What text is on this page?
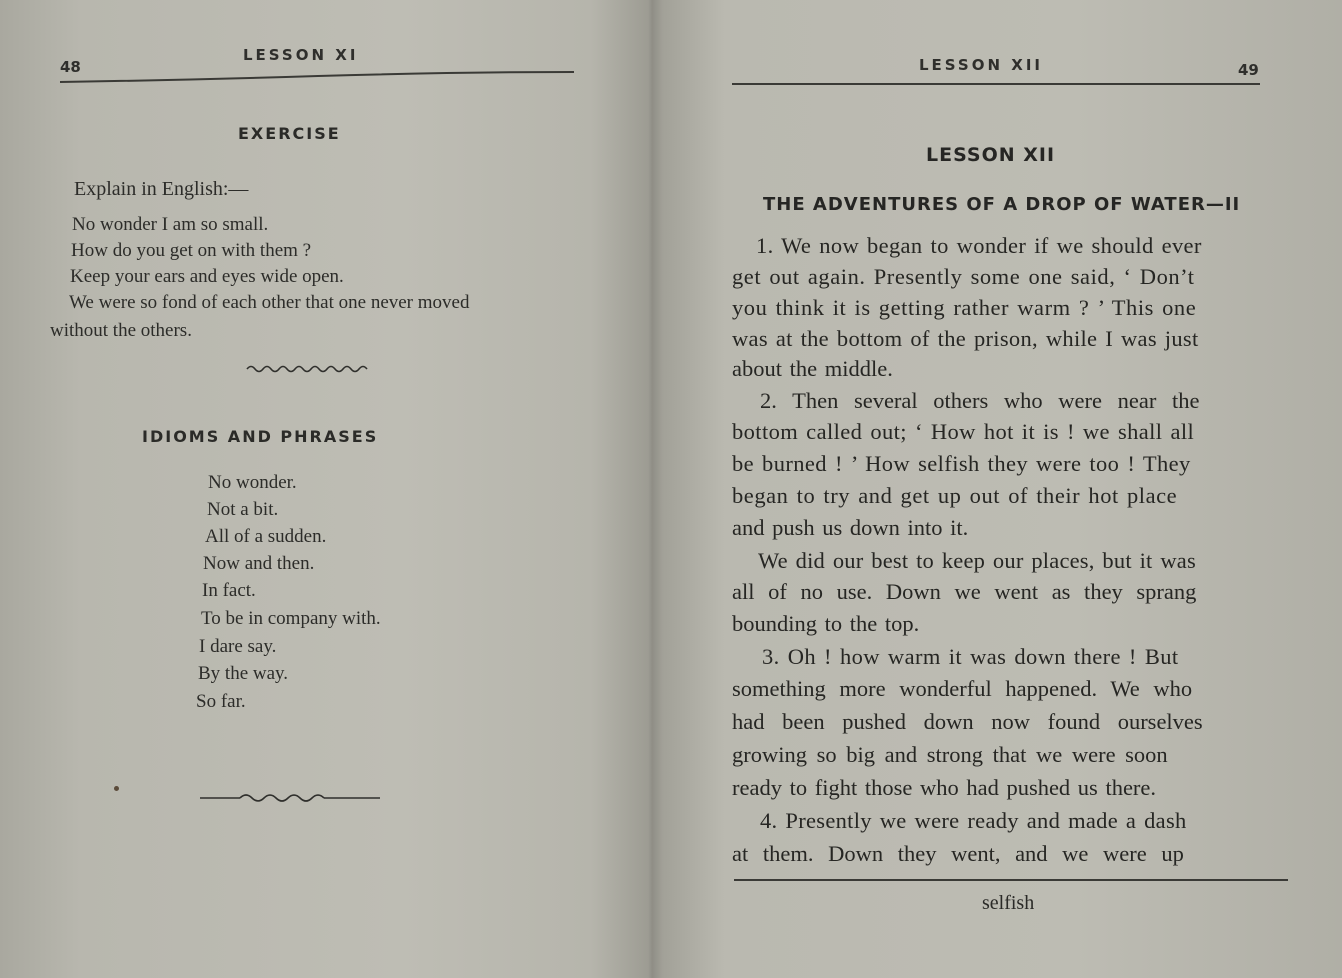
48
LESSON XI
EXERCISE
Explain in English:—
No wonder I am so small.
How do you get on with them ?
Keep your ears and eyes wide open.
We were so fond of each other that one never moved
without the others.
IDIOMS AND PHRASES
No wonder.
Not a bit.
All of a sudden.
Now and then.
In fact.
To be in company with.
I dare say.
By the way.
So far.
LESSON XII	49
LESSON XII
THE ADVENTURES OF A DROP OF WATER—II
1. We now began to wonder if we should ever
get out again. Presently some one said, ‘ Don’t
you think it is getting rather warm ? ’ This one
was at the bottom of the prison, while I was just
about the middle.
2. Then several others who were near the
bottom called out; ‘ How hot it is ! we shall all
be burned ! ’ How selfish they were too ! They
began to try and get up out of their hot place
and push us down into it.
We did our best to keep our places, but it was
all of no use. Down we went as they sprang
bounding to the top.
3. Oh ! how warm it was down there ! But
something more wonderful happened. We who
had been pushed down now found ourselves
growing so big and strong that we were soon
ready to fight those who had pushed us there.
4. Presently we were ready and made a dash
at them. Down they went, and we were up
selfish
